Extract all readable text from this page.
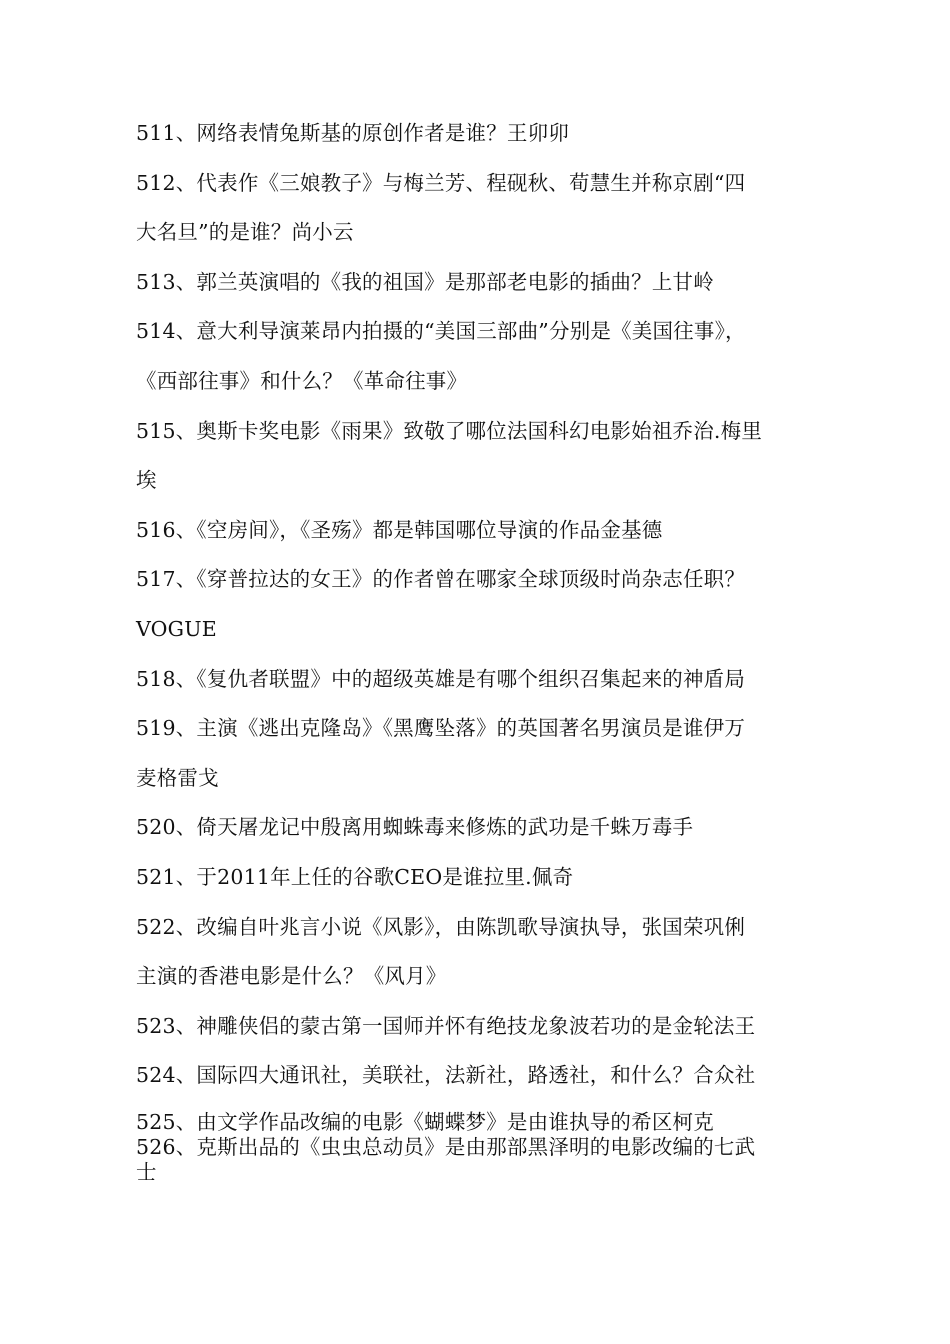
511、网络表情兔斯基的原创作者是谁？王卯卯
512、代表作《三娘教子》与梅兰芳、程砚秋、荀慧生并称京剧“四
大名旦”的是谁？尚小云
513、郭兰英演唱的《我的祖国》是那部老电影的插曲？上甘岭
514、意大利导演莱昂内拍摄的“美国三部曲”分别是《美国往事》，
《西部往事》和什么？《革命往事》
515、奥斯卡奖电影《雨果》致敬了哪位法国科幻电影始祖乔治.梅里
埃
516、《空房间》，《圣殇》都是韩国哪位导演的作品金基德
517、《穿普拉达的女王》的作者曾在哪家全球顶级时尚杂志任职？
VOGUE
518、《复仇者联盟》中的超级英雄是有哪个组织召集起来的神盾局
519、主演《逃出克隆岛》《黑鹰坠落》的英国著名男演员是谁伊万
麦格雷戈
520、倚天屠龙记中殷离用蜘蛛毒来修炼的武功是千蛛万毒手
521、于2011年上任的谷歌CEO是谁拉里.佩奇
522、改编自叶兆言小说《风影》，由陈凯歌导演执导，张国荣巩俐
主演的香港电影是什么？《风月》
523、神雕侠侣的蒙古第一国师并怀有绝技龙象波若功的是金轮法王
524、国际四大通讯社，美联社，法新社，路透社，和什么？合众社
525、由文学作品改编的电影《蝴蝶梦》是由谁执导的希区柯克
526、克斯出品的《虫虫总动员》是由那部黑泽明的电影改编的七武
士
